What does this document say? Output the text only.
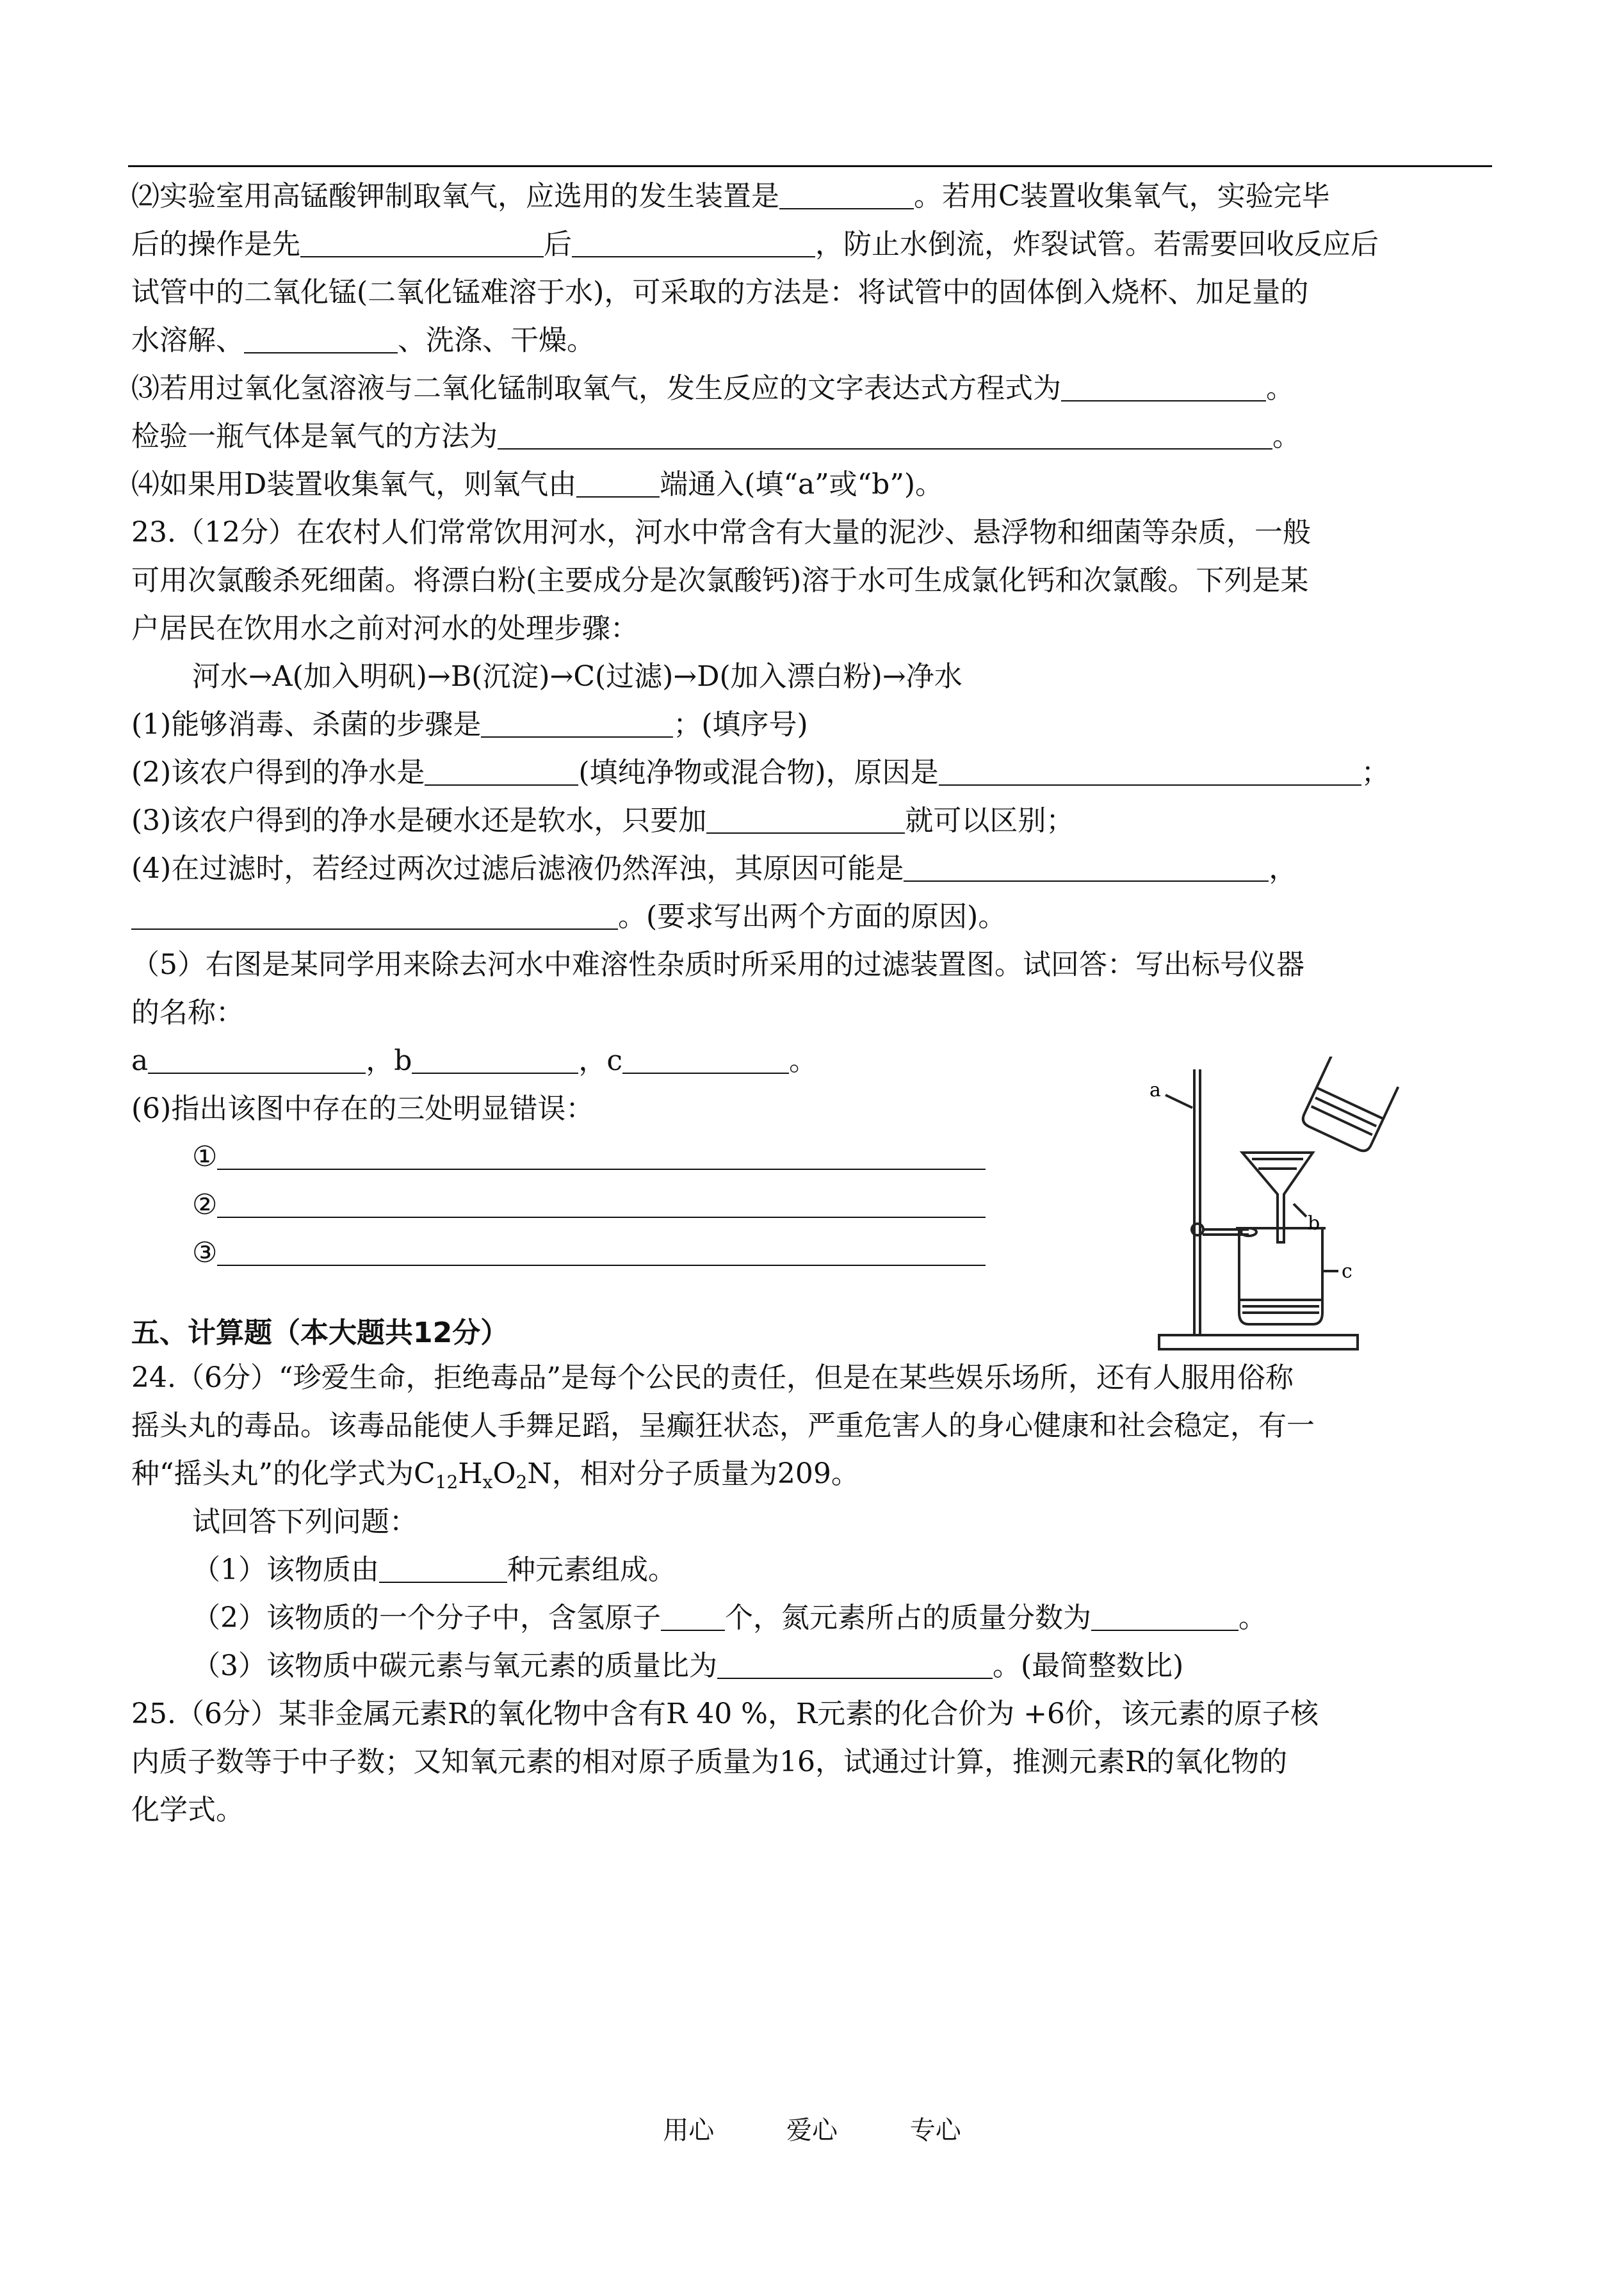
⑵实验室用高锰酸钾制取氧气，应选用的发生装置是	。若用C装置收集氧气，实验完毕
后的操作是先	后	，防止水倒流，炸裂试管。若需要回收反应后
试管中的二氧化锰(二氧化锰难溶于水)，可采取的方法是：将试管中的固体倒入烧杯、加足量的
水溶解、	、洗涤、干燥。
⑶若用过氧化氢溶液与二氧化锰制取氧气，发生反应的文字表达式方程式为	。
检验一瓶气体是氧气的方法为	。
⑷如果用D装置收集氧气，则氧气由	端通入(填“a”或“b”)。
23.（12分）在农村人们常常饮用河水，河水中常含有大量的泥沙、悬浮物和细菌等杂质，一般
可用次氯酸杀死细菌。将漂白粉(主要成分是次氯酸钙)溶于水可生成氯化钙和次氯酸。下列是某
户居民在饮用水之前对河水的处理步骤：
河水→A(加入明矾)→B(沉淀)→C(过滤)→D(加入漂白粉)→净水
(1)能够消毒、杀菌的步骤是	；(填序号)
(2)该农户得到的净水是	(填纯净物或混合物)，原因是	；
(3)该农户得到的净水是硬水还是软水，只要加	就可以区别；
(4)在过滤时，若经过两次过滤后滤液仍然浑浊，其原因可能是	，
。(要求写出两个方面的原因)。
（5）右图是某同学用来除去河水中难溶性杂质时所采用的过滤装置图。试回答：写出标号仪器
的名称：
a	，b	，c	。
(6)指出该图中存在的三处明显错误：
①
②
③
a
b
c
五、计算题（本大题共12分）
24.（6分）“珍爱生命，拒绝毒品”是每个公民的责任，但是在某些娱乐场所，还有人服用俗称
摇头丸的毒品。该毒品能使人手舞足蹈，呈癫狂状态，严重危害人的身心健康和社会稳定，有一
种“摇头丸”的化学式为$C_{12}H_xO_2N$，相对分子质量为209。
试回答下列问题：
（1）该物质由	种元素组成。
（2）该物质的一个分子中，含氢原子 个，氮元素所占的质量分数为	。
（3）该物质中碳元素与氧元素的质量比为	。(最简整数比)
25.（6分）某非金属元素R的氧化物中含有R 40 %，R元素的化合价为 +6价，该元素的原子核
内质子数等于中子数；又知氧元素的相对原子质量为16，试通过计算，推测元素R的氧化物的
化学式。
用心	爱心	专心
